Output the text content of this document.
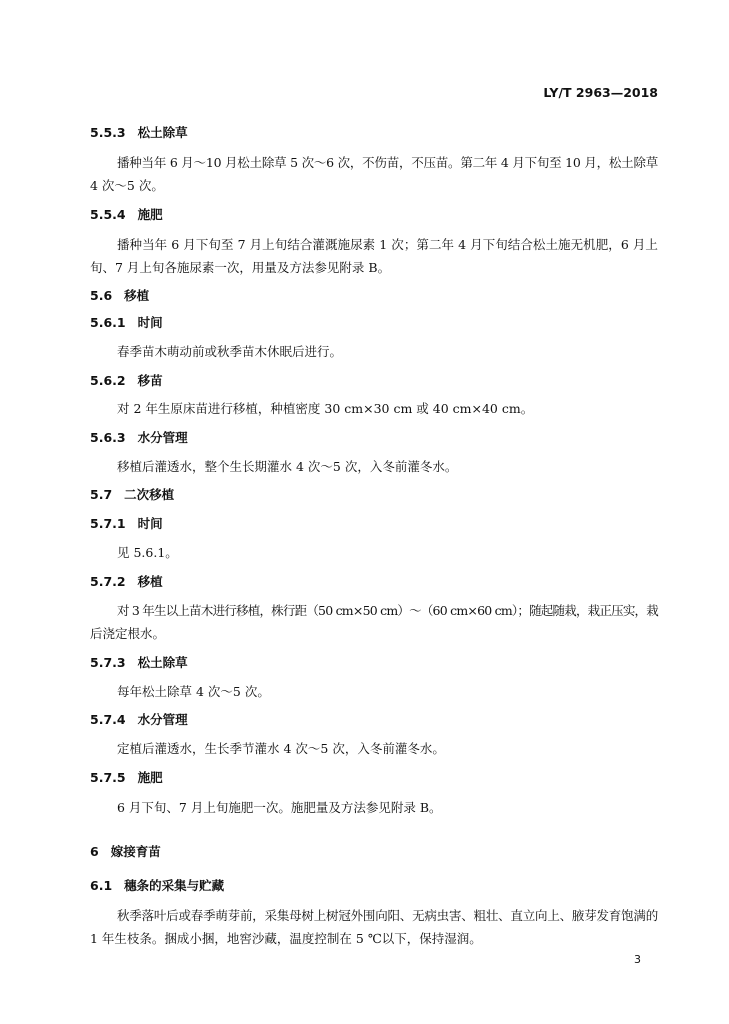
LY/T 2963—2018
5.5.3 松土除草
播种当年 6 月～10 月松土除草 5 次～6 次，不伤苗，不压苗。第二年 4 月下旬至 10 月，松土除草
4 次～5 次。
5.5.4 施肥
播种当年 6 月下旬至 7 月上旬结合灌溉施尿素 1 次；第二年 4 月下旬结合松土施无机肥，6 月上
旬、7 月上旬各施尿素一次，用量及方法参见附录 B。
5.6 移植
5.6.1 时间
春季苗木萌动前或秋季苗木休眠后进行。
5.6.2 移苗
对 2 年生原床苗进行移植，种植密度 30 cm×30 cm 或 40 cm×40 cm。
5.6.3 水分管理
移植后灌透水，整个生长期灌水 4 次～5 次，入冬前灌冬水。
5.7 二次移植
5.7.1 时间
见 5.6.1。
5.7.2 移植
对 3 年生以上苗木进行移植，株行距（50 cm×50 cm）～（60 cm×60 cm）；随起随栽，栽正压实，栽
后浇定根水。
5.7.3 松土除草
每年松土除草 4 次～5 次。
5.7.4 水分管理
定植后灌透水，生长季节灌水 4 次～5 次，入冬前灌冬水。
5.7.5 施肥
6 月下旬、7 月上旬施肥一次。施肥量及方法参见附录 B。
6 嫁接育苗
6.1 穗条的采集与贮藏
秋季落叶后或春季萌芽前，采集母树上树冠外围向阳、无病虫害、粗壮、直立向上、腋芽发育饱满的
1 年生枝条。捆成小捆，地窖沙藏，温度控制在 5 ℃以下，保持湿润。
3
